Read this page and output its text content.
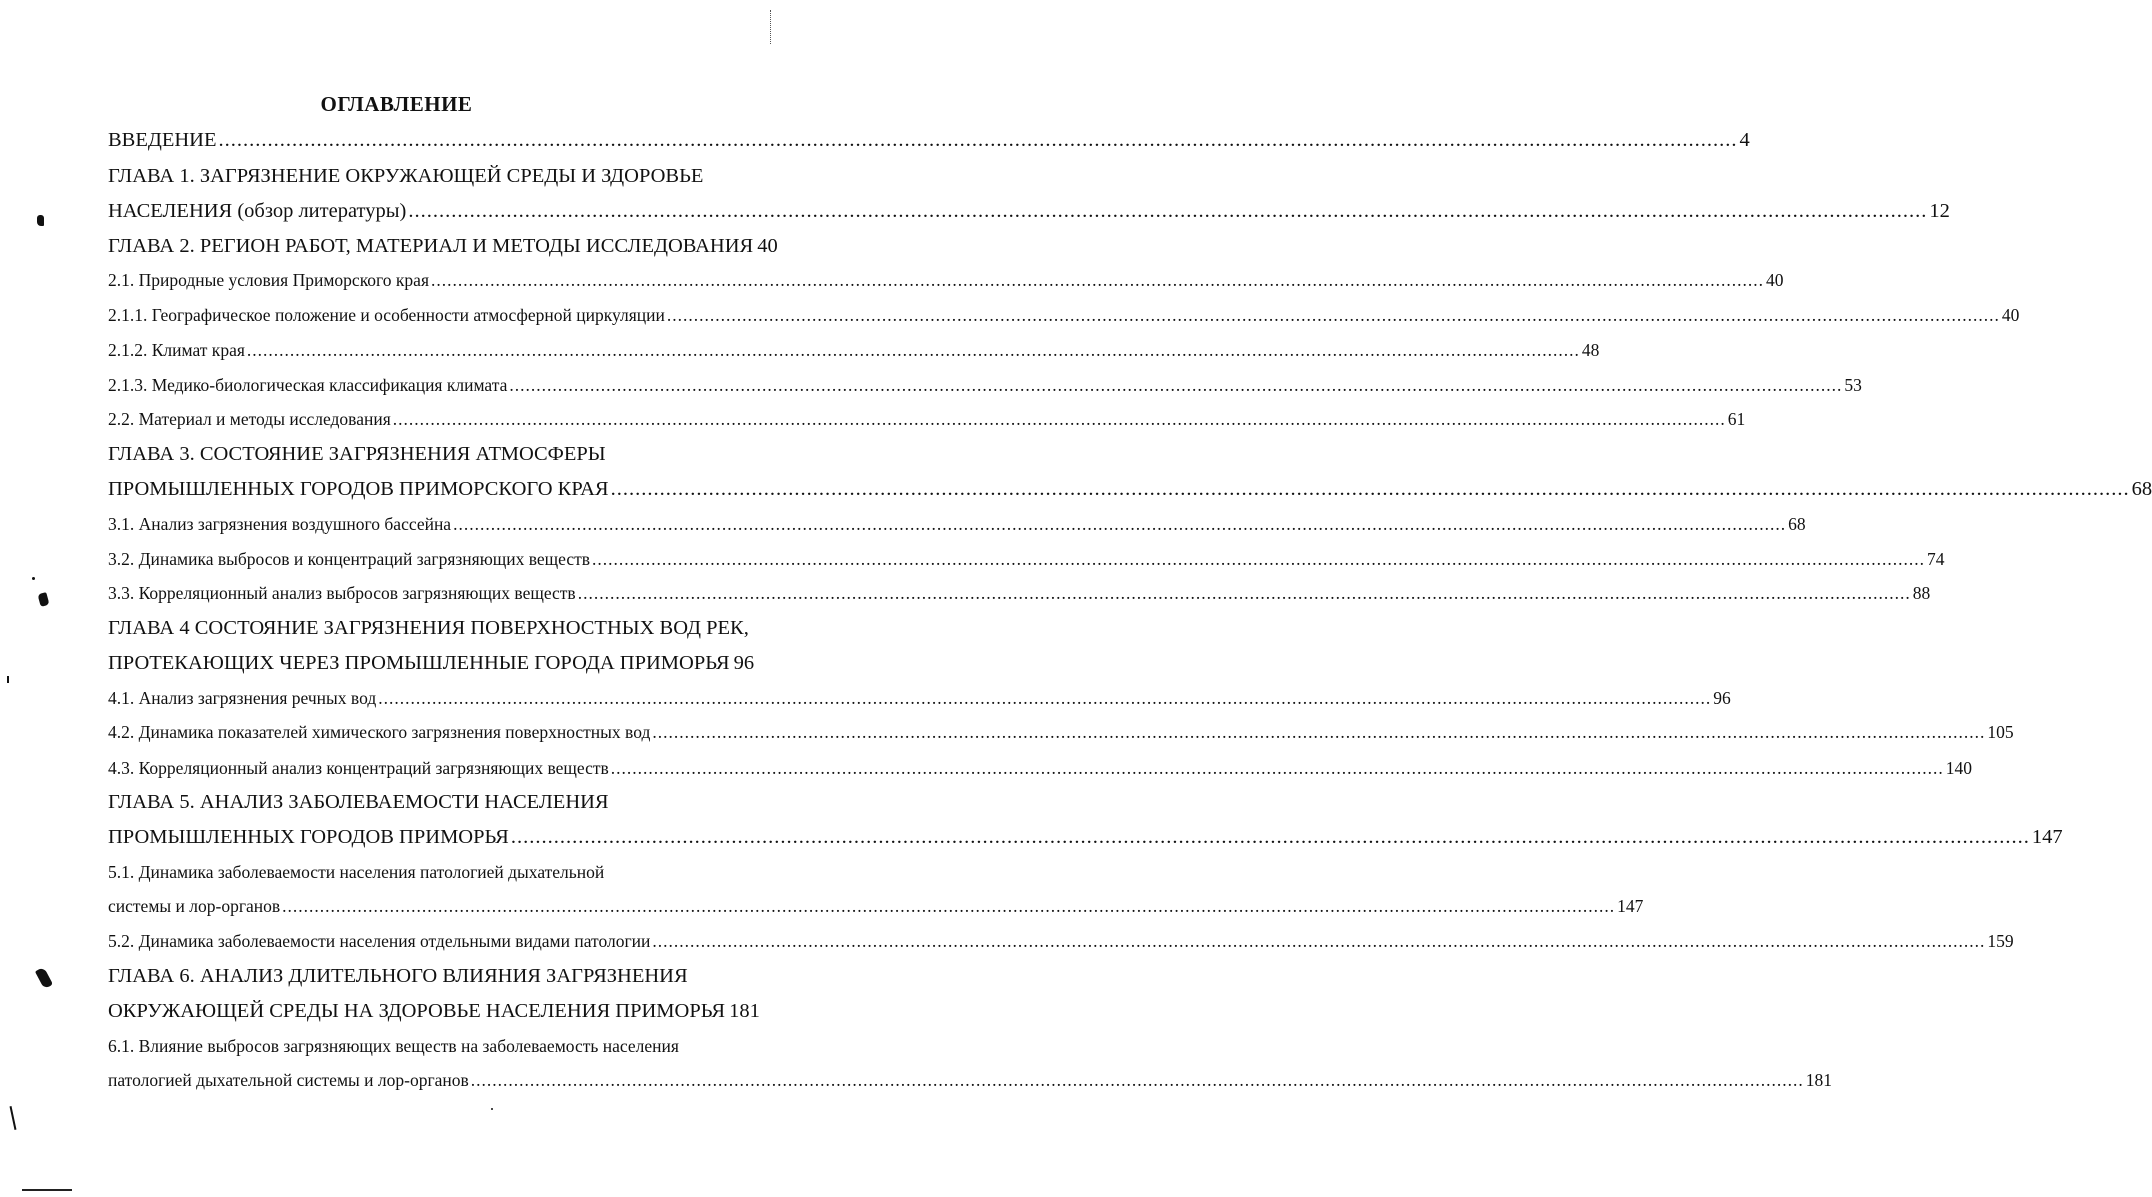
ОГЛАВЛЕНИЕ
ВВЕДЕНИЕ .....	4
ГЛАВА 1. ЗАГРЯЗНЕНИЕ ОКРУЖАЮЩЕЙ СРЕДЫ И ЗДОРОВЬЕ
НАСЕЛЕНИЯ (обзор литературы) .....	12
ГЛАВА 2. РЕГИОН РАБОТ, МАТЕРИАЛ И МЕТОДЫ ИССЛЕДОВАНИЯ 40
2.1. Природные условия Приморского края .....	40
2.1.1. Географическое положение и особенности атмосферной циркуляции .....	40
2.1.2. Климат края .....	48
2.1.3. Медико-биологическая классификация климата .....	53
2.2. Материал и методы исследования .....	61
ГЛАВА 3. СОСТОЯНИЕ ЗАГРЯЗНЕНИЯ АТМОСФЕРЫ
ПРОМЫШЛЕННЫХ ГОРОДОВ ПРИМОРСКОГО КРАЯ .....	68
3.1. Анализ загрязнения воздушного бассейна .....	68
3.2. Динамика выбросов и концентраций загрязняющих веществ .....	74
3.3. Корреляционный анализ выбросов загрязняющих веществ .....	88
ГЛАВА 4 СОСТОЯНИЕ ЗАГРЯЗНЕНИЯ ПОВЕРХНОСТНЫХ ВОД РЕК,
ПРОТЕКАЮЩИХ ЧЕРЕЗ ПРОМЫШЛЕННЫЕ ГОРОДА ПРИМОРЬЯ 96
4.1. Анализ загрязнения речных вод .....	96
4.2. Динамика показателей химического загрязнения поверхностных вод .....	105
4.3. Корреляционный анализ концентраций загрязняющих веществ .....	140
ГЛАВА 5. АНАЛИЗ ЗАБОЛЕВАЕМОСТИ НАСЕЛЕНИЯ
ПРОМЫШЛЕННЫХ ГОРОДОВ ПРИМОРЬЯ .....	147
5.1. Динамика заболеваемости населения патологией дыхательной
системы и лор-органов .....	147
5.2. Динамика заболеваемости населения отдельными видами патологии .....	159
ГЛАВА 6. АНАЛИЗ ДЛИТЕЛЬНОГО ВЛИЯНИЯ ЗАГРЯЗНЕНИЯ
ОКРУЖАЮЩЕЙ СРЕДЫ НА ЗДОРОВЬЕ НАСЕЛЕНИЯ ПРИМОРЬЯ 181
6.1. Влияние выбросов загрязняющих веществ на заболеваемость населения
патологией дыхательной системы и лор-органов .....	181
